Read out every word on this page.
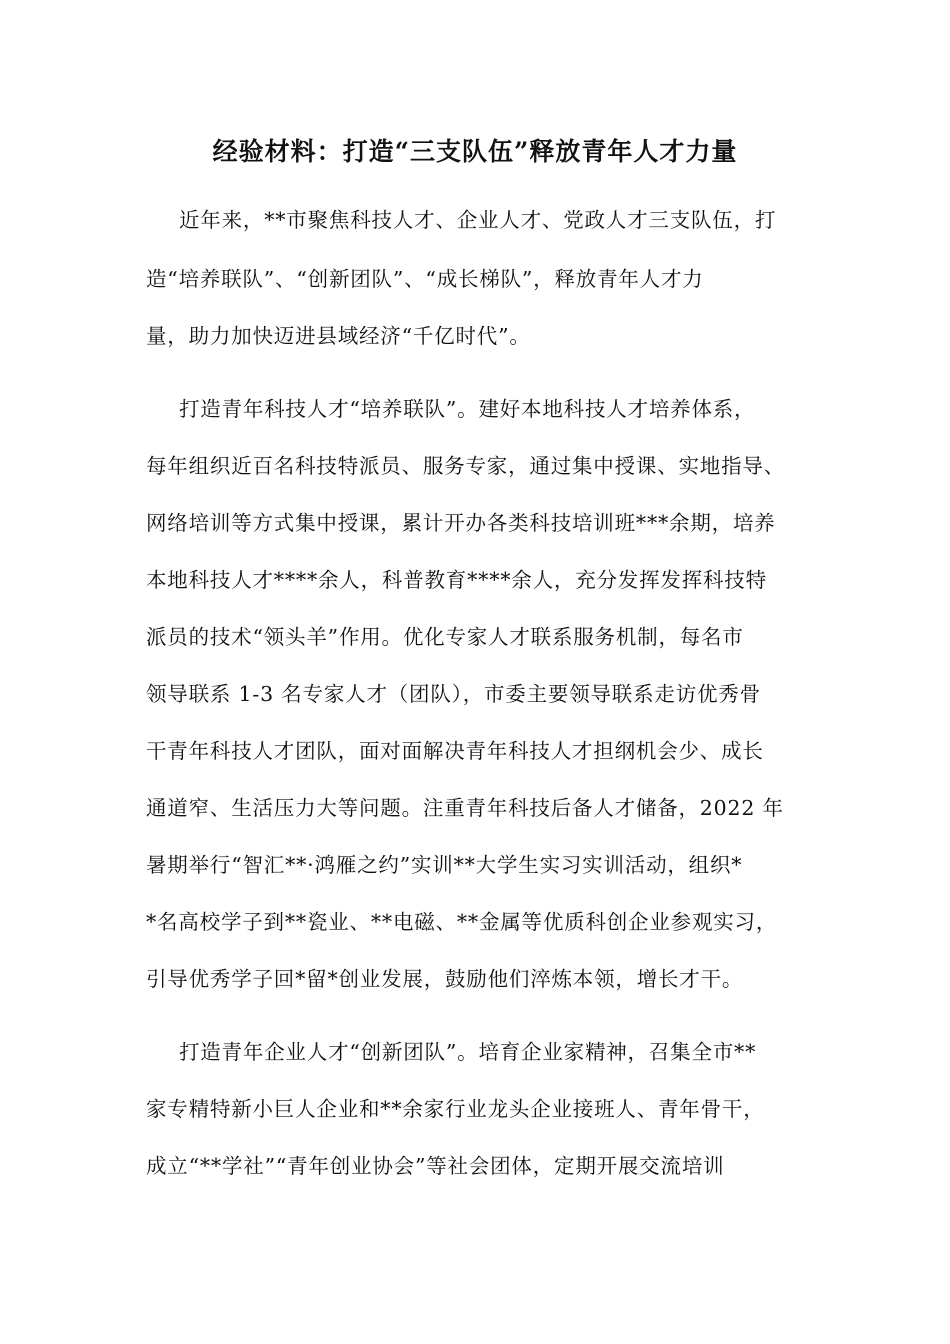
经验材料：打造“三支队伍”释放青年人才力量
近年来，**市聚焦科技人才、企业人才、党政人才三支队伍，打
造“培养联队”、“创新团队”、“成长梯队”，释放青年人才力
量，助力加快迈进县域经济“千亿时代”。
打造青年科技人才“培养联队”。建好本地科技人才培养体系，
每年组织近百名科技特派员、服务专家，通过集中授课、实地指导、
网络培训等方式集中授课，累计开办各类科技培训班***余期，培养
本地科技人才****余人，科普教育****余人，充分发挥发挥科技特
派员的技术“领头羊”作用。优化专家人才联系服务机制，每名市
领导联系 1-3 名专家人才（团队），市委主要领导联系走访优秀骨
干青年科技人才团队，面对面解决青年科技人才担纲机会少、成长
通道窄、生活压力大等问题。注重青年科技后备人才储备，2022 年
暑期举行“智汇**·鸿雁之约”实训**大学生实习实训活动，组织*
*名高校学子到**瓷业、**电磁、**金属等优质科创企业参观实习，
引导优秀学子回*留*创业发展，鼓励他们淬炼本领，增长才干。
打造青年企业人才“创新团队”。培育企业家精神，召集全市**
家专精特新小巨人企业和**余家行业龙头企业接班人、青年骨干，
成立“**学社”“青年创业协会”等社会团体，定期开展交流培训
